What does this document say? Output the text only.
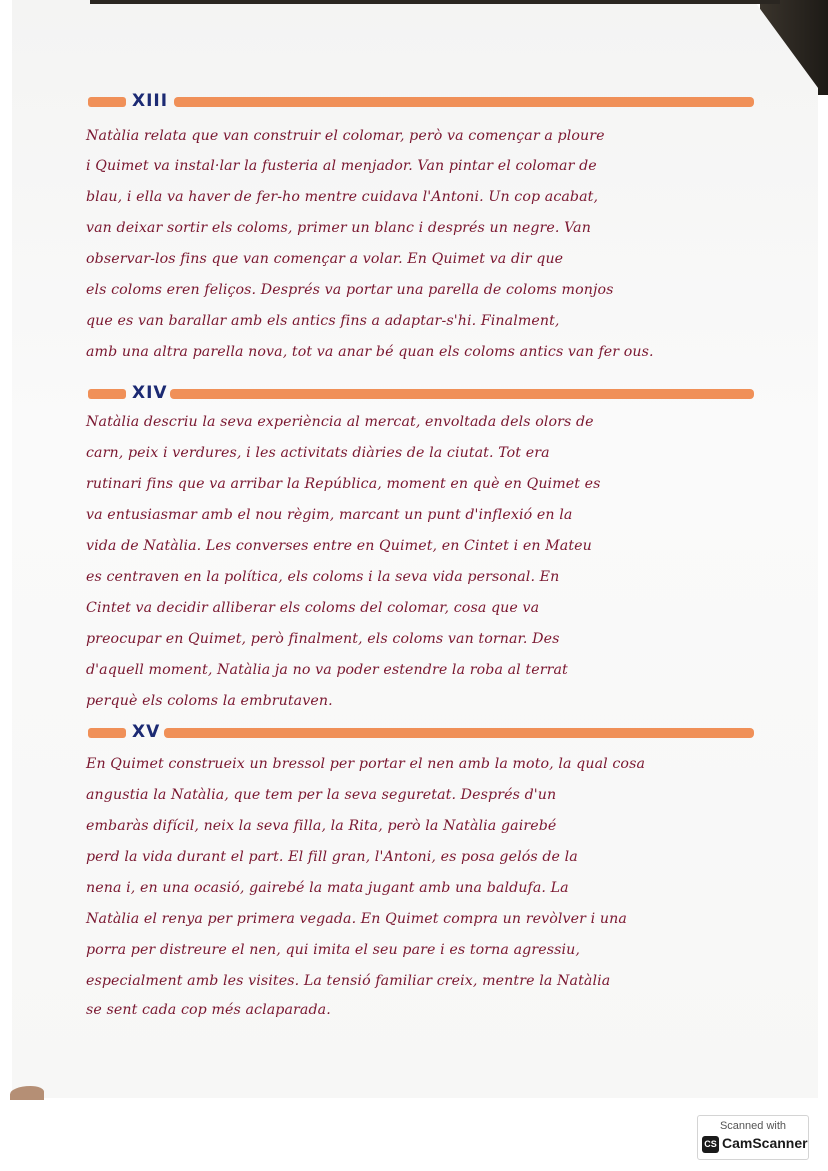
XIII
Natàlia relata que van construir el colomar, però va començar a ploure
i Quimet va instal·lar la fusteria al menjador. Van pintar el colomar de
blau, i ella va haver de fer-ho mentre cuidava l'Antoni. Un cop acabat,
van deixar sortir els coloms, primer un blanc i després un negre. Van
observar-los fins que van començar a volar. En Quimet va dir que
els coloms eren feliços. Després va portar una parella de coloms monjos
que es van barallar amb els antics fins a adaptar-s'hi. Finalment,
amb una altra parella nova, tot va anar bé quan els coloms antics van fer ous.
XIV
Natàlia descriu la seva experiència al mercat, envoltada dels olors de
carn, peix i verdures, i les activitats diàries de la ciutat. Tot era
rutinari fins que va arribar la República, moment en què en Quimet es
va entusiasmar amb el nou règim, marcant un punt d'inflexió en la
vida de Natàlia. Les converses entre en Quimet, en Cintet i en Mateu
es centraven en la política, els coloms i la seva vida personal. En
Cintet va decidir alliberar els coloms del colomar, cosa que va
preocupar en Quimet, però finalment, els coloms van tornar. Des
d'aquell moment, Natàlia ja no va poder estendre la roba al terrat
perquè els coloms la embrutaven.
XV
En Quimet construeix un bressol per portar el nen amb la moto, la qual cosa
angustia la Natàlia, que tem per la seva seguretat. Després d'un
embaràs difícil, neix la seva filla, la Rita, però la Natàlia gairebé
perd la vida durant el part. El fill gran, l'Antoni, es posa gelós de la
nena i, en una ocasió, gairebé la mata jugant amb una baldufa. La
Natàlia el renya per primera vegada. En Quimet compra un revòlver i una
porra per distreure el nen, qui imita el seu pare i es torna agressiu,
especialment amb les visites. La tensió familiar creix, mentre la Natàlia
se sent cada cop més aclaparada.
Scanned with
CS CamScanner
